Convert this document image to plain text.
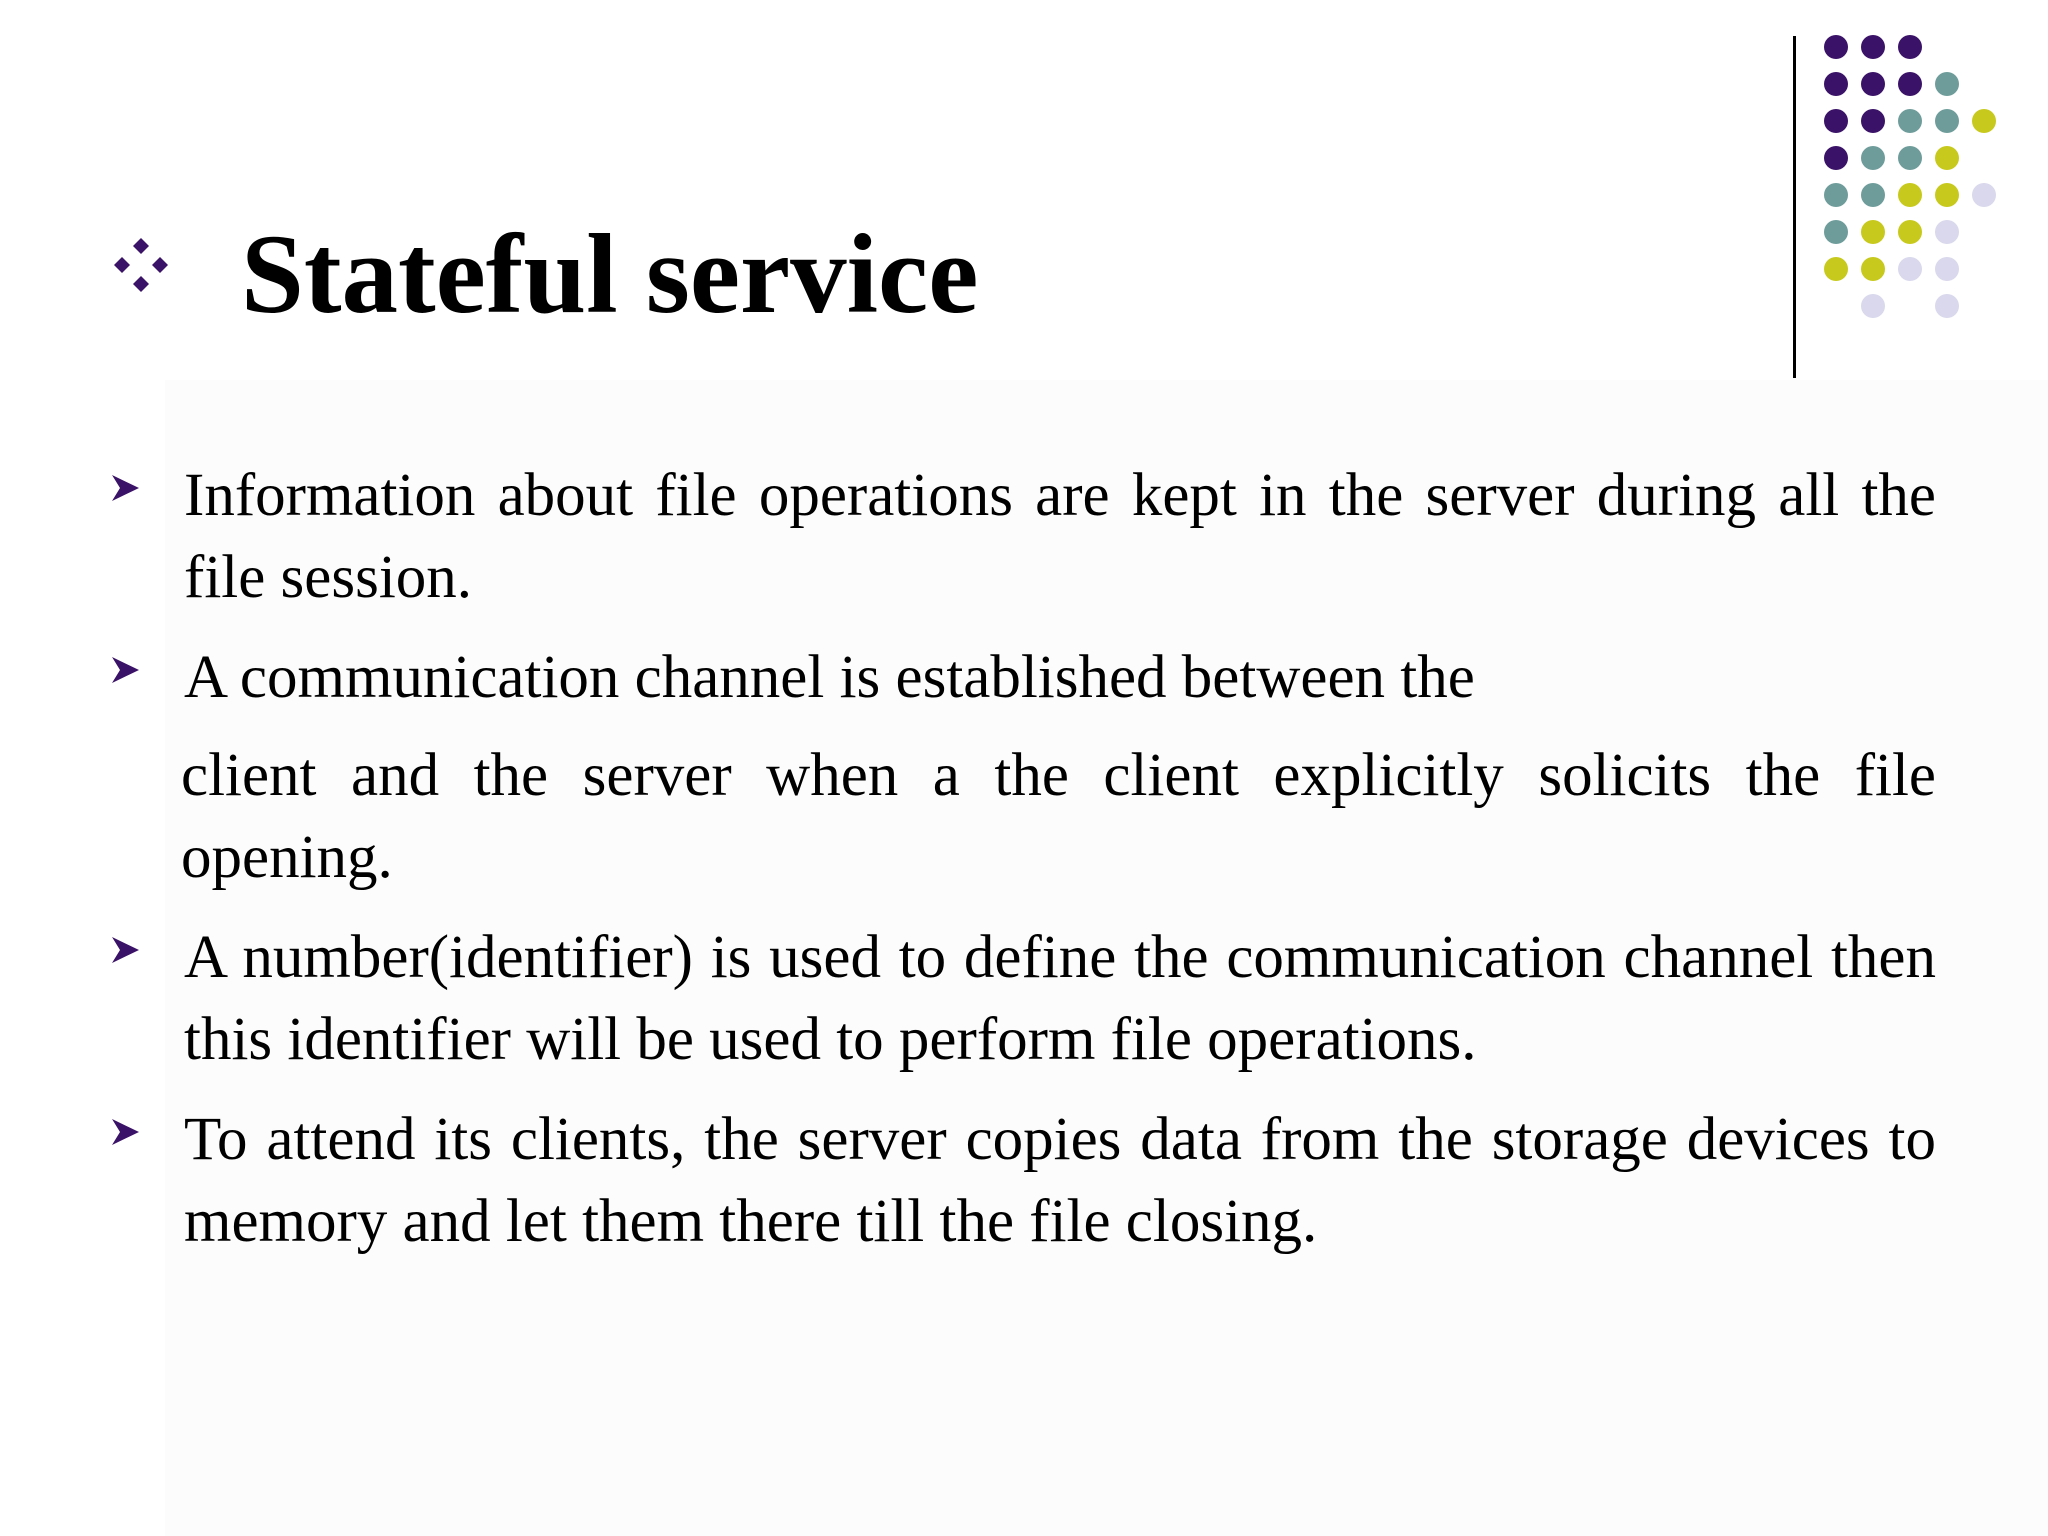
Stateful service
Information about file operations are kept in the server during all the file session.
A communication channel is established between the
client and the server when a the client explicitly solicits the file opening.
A number(identifier) is used to define the communication channel then this identifier will be used to perform file operations.
To attend its clients, the server copies data from the storage devices to memory and let them there till the file closing.
